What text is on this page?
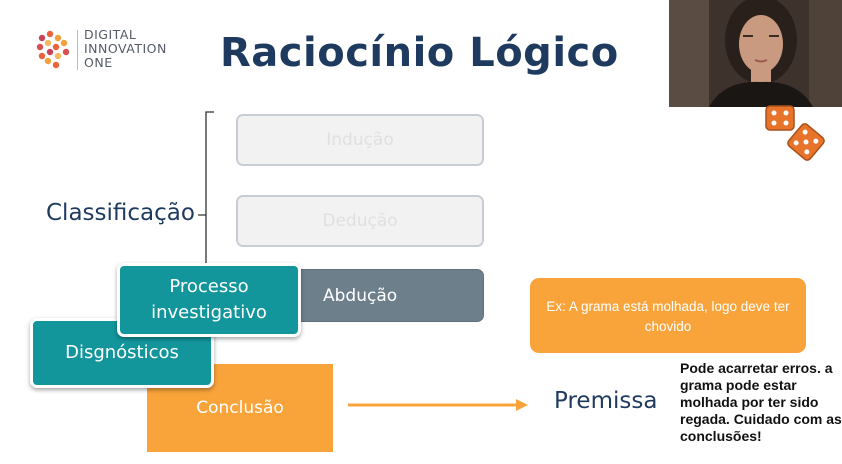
DIGITAL
INNOVATION
ONE	Raciocínio Lógico
Classificação
Indução
Dedução
Abdução
Conclusão
Disgnósticos
Processo investigativo
Premissa
Ex: A grama está molhada, logo deve ter chovido
Pode acarretar erros. a grama pode estar molhada por ter sido regada. Cuidado com as conclusões!
